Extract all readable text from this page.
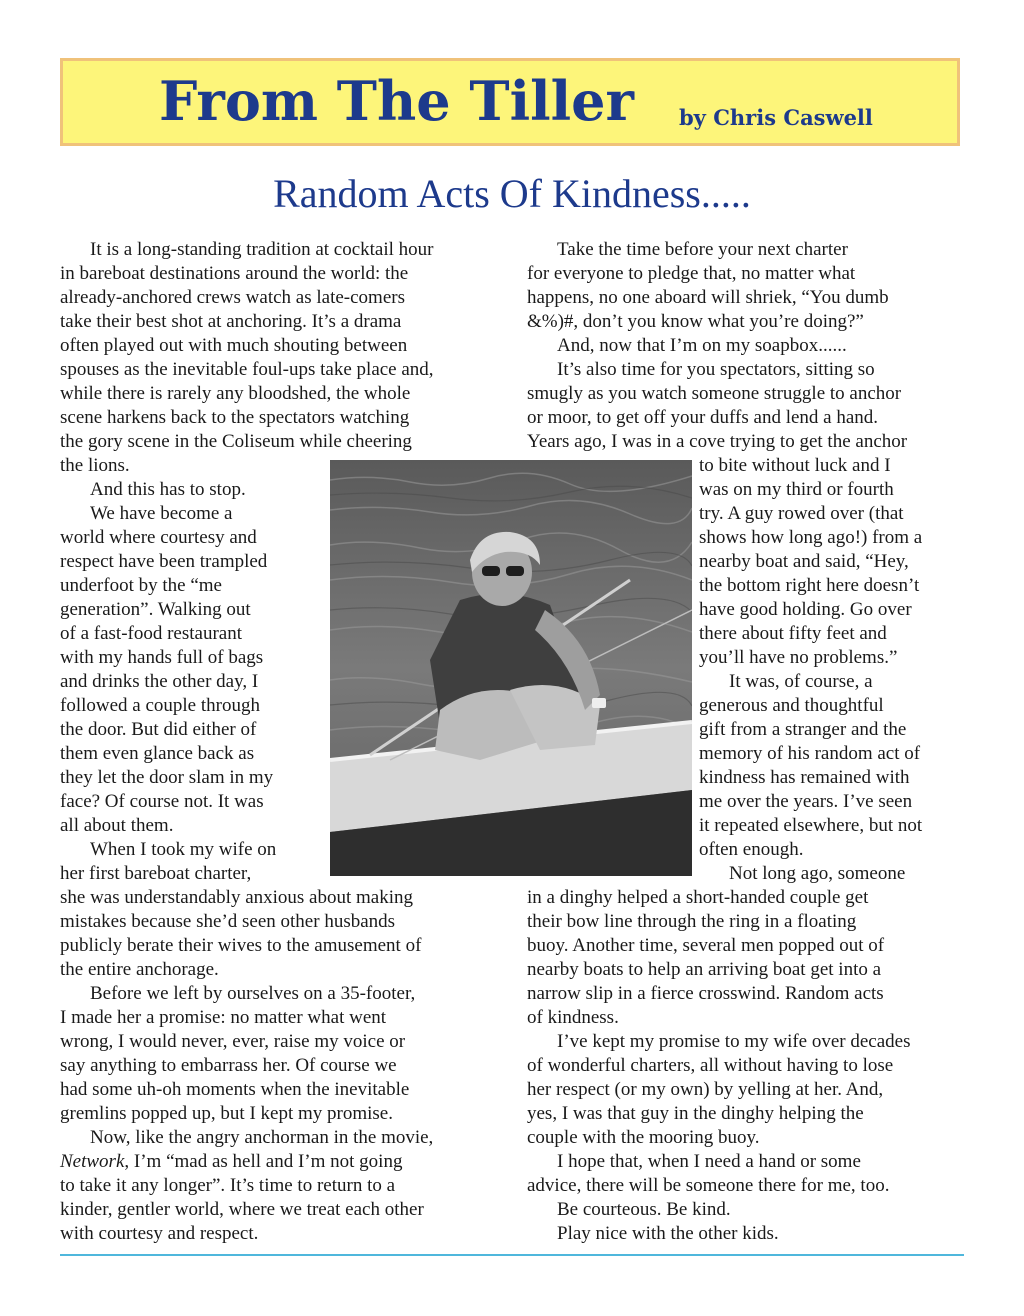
From The Tiller by Chris Caswell
Random Acts Of Kindness.....
It is a long-standing tradition at cocktail hour
in bareboat destinations around the world: the
already-anchored crews watch as late-comers
take their best shot at anchoring. It’s a drama
often played out with much shouting between
spouses as the inevitable foul-ups take place and,
while there is rarely any bloodshed, the whole
scene harkens back to the spectators watching
the gory scene in the Coliseum while cheering
the lions.
And this has to stop.
We have become a
world where courtesy and
respect have been trampled
underfoot by the “me
generation”. Walking out
of a fast-food restaurant
with my hands full of bags
and drinks the other day, I
followed a couple through
the door. But did either of
them even glance back as
they let the door slam in my
face? Of course not. It was
all about them.
When I took my wife on
her first bareboat charter,
she was understandably anxious about making
mistakes because she’d seen other husbands
publicly berate their wives to the amusement of
the entire anchorage.
Before we left by ourselves on a 35-footer,
I made her a promise: no matter what went
wrong, I would never, ever, raise my voice or
say anything to embarrass her. Of course we
had some uh-oh moments when the inevitable
gremlins popped up, but I kept my promise.
Now, like the angry anchorman in the movie,
Network, I’m “mad as hell and I’m not going
to take it any longer”. It’s time to return to a
kinder, gentler world, where we treat each other
with courtesy and respect.
Take the time before your next charter
for everyone to pledge that, no matter what
happens, no one aboard will shriek, “You dumb
&%)#, don’t you know what you’re doing?”
And, now that I’m on my soapbox......
It’s also time for you spectators, sitting so
smugly as you watch someone struggle to anchor
or moor, to get off your duffs and lend a hand.
Years ago, I was in a cove trying to get the anchor
to bite without luck and I
was on my third or fourth
try. A guy rowed over (that
shows how long ago!) from a
nearby boat and said, “Hey,
the bottom right here doesn’t
have good holding. Go over
there about fifty feet and
you’ll have no problems.”
It was, of course, a
generous and thoughtful
gift from a stranger and the
memory of his random act of
kindness has remained with
me over the years. I’ve seen
it repeated elsewhere, but not
often enough.
Not long ago, someone
in a dinghy helped a short-handed couple get
their bow line through the ring in a floating
buoy. Another time, several men popped out of
nearby boats to help an arriving boat get into a
narrow slip in a fierce crosswind. Random acts
of kindness.
I’ve kept my promise to my wife over decades
of wonderful charters, all without having to lose
her respect (or my own) by yelling at her. And,
yes, I was that guy in the dinghy helping the
couple with the mooring buoy.
I hope that, when I need a hand or some
advice, there will be someone there for me, too.
Be courteous. Be kind.
Play nice with the other kids.
